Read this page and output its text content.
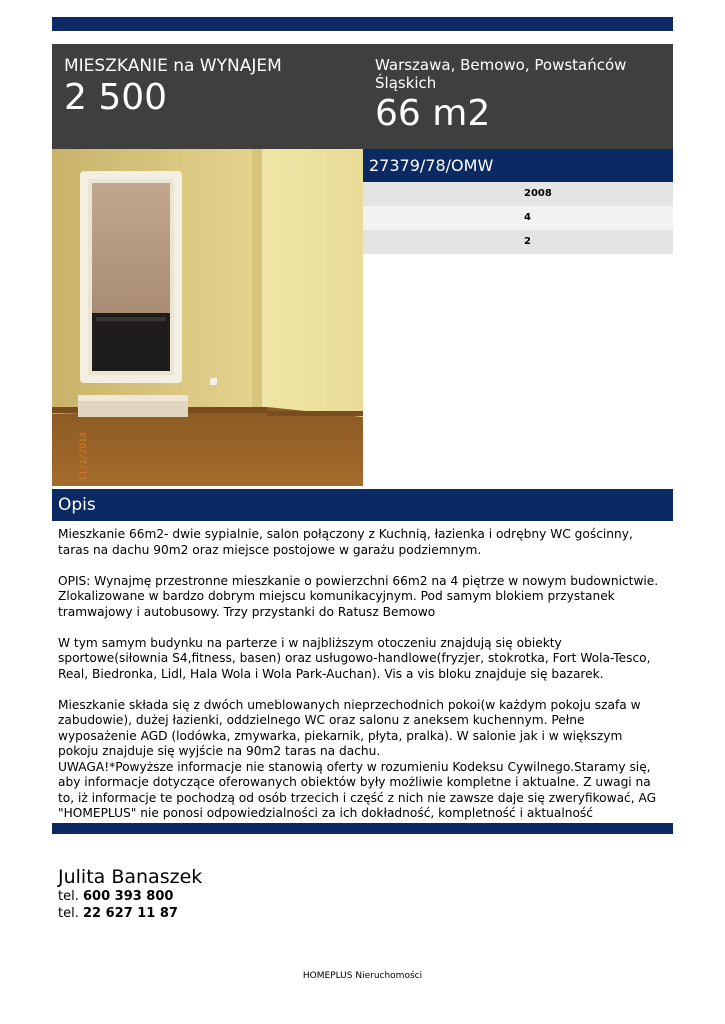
MIESZKANIE na WYNAJEM
2 500
Warszawa, Bemowo, Powstańców Śląskich
66 m2
11/1/2014
27379/78/OMW
2008
4
2
Opis

Mieszkanie 66m2- dwie sypialnie, salon połączony z Kuchnią, łazienka i odrębny WC gościnny, taras na dachu 90m2 oraz miejsce postojowe w garażu podziemnym.

OPIS: Wynajmę przestronne mieszkanie o powierzchni 66m2 na 4 piętrze w nowym budownictwie. Zlokalizowane w bardzo dobrym miejscu komunikacyjnym. Pod samym blokiem przystanek tramwajowy i autobusowy. Trzy przystanki do Ratusz Bemowo

W tym samym budynku na parterze i w najbliższym otoczeniu znajdują się obiekty sportowe(siłownia S4,fitness, basen) oraz usługowo-handlowe(fryzjer, stokrotka, Fort Wola-Tesco, Real, Biedronka, Lidl, Hala Wola i Wola Park-Auchan). Vis a vis bloku znajduje się bazarek.

Mieszkanie składa się z dwóch umeblowanych nieprzechodnich pokoi(w każdym pokoju szafa w zabudowie), dużej łazienki, oddzielnego WC oraz salonu z aneksem kuchennym. Pełne wyposażenie AGD (lodówka, zmywarka, piekarnik, płyta, pralka). W salonie jak i w większym pokoju znajduje się wyjście na 90m2 taras na dachu.

UWAGA!*Powyższe informacje nie stanowią oferty w rozumieniu Kodeksu Cywilnego.Staramy się, aby informacje dotyczące oferowanych obiektów były możliwie kompletne i aktualne. Z uwagi na to, iż informacje te pochodzą od osób trzecich i część z nich nie zawsze daje się zweryfikować, AG "HOMEPLUS" nie ponosi odpowiedzialności za ich dokładność, kompletność i aktualność

Julita Banaszek
tel. 600 393 800
tel. 22 627 11 87
HOMEPLUS Nieruchomości
